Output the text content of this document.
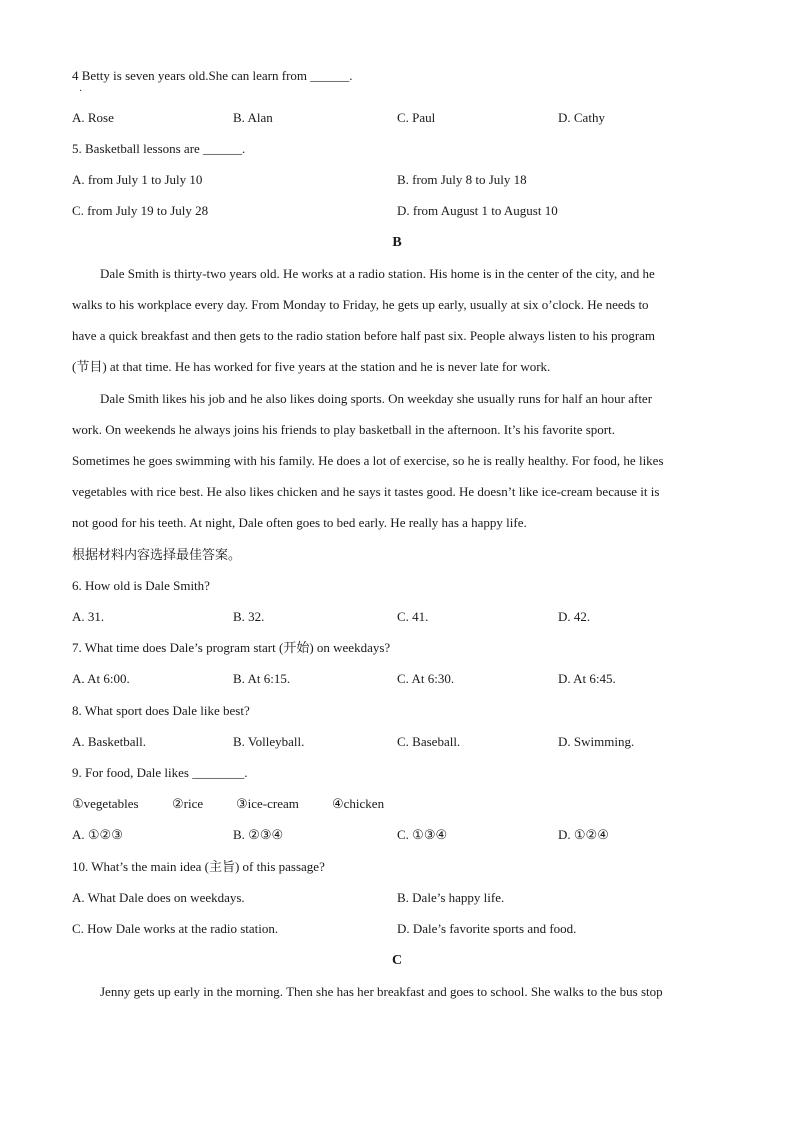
4 Betty is seven years old.She can learn from ______.
·
A. Rose	B. Alan	C. Paul	D. Cathy
5. Basketball lessons are ______.
A. from July 1 to July 10	B. from July 8 to July 18
C. from July 19 to July 28	D. from August 1 to August 10
B
Dale Smith is thirty-two years old. He works at a radio station. His home is in the center of the city, and he
walks to his workplace every day. From Monday to Friday, he gets up early, usually at six o’clock. He needs to
have a quick breakfast and then gets to the radio station before half past six. People always listen to his program
(节目) at that time. He has worked for five years at the station and he is never late for work.
Dale Smith likes his job and he also likes doing sports. On weekday she usually runs for half an hour after
work. On weekends he always joins his friends to play basketball in the afternoon. It’s his favorite sport.
Sometimes he goes swimming with his family. He does a lot of exercise, so he is really healthy. For food, he likes
vegetables with rice best. He also likes chicken and he says it tastes good. He doesn’t like ice-cream because it is
not good for his teeth. At night, Dale often goes to bed early. He really has a happy life.
根据材料内容选择最佳答案。
6. How old is Dale Smith?
A. 31.	B. 32.	C. 41.	D. 42.
7. What time does Dale’s program start (开始) on weekdays?
A. At 6:00.	B. At 6:15.	C. At 6:30.	D. At 6:45.
8. What sport does Dale like best?
A. Basketball.	B. Volleyball.	C. Baseball.	D. Swimming.
9. For food, Dale likes ________.
①vegetables	②rice	③ice-cream	④chicken
A. ①②③	B. ②③④	C. ①③④	D. ①②④
10. What’s the main idea (主旨) of this passage?
A. What Dale does on weekdays.	B. Dale’s happy life.
C. How Dale works at the radio station.	D. Dale’s favorite sports and food.
C
Jenny gets up early in the morning. Then she has her breakfast and goes to school. She walks to the bus stop
